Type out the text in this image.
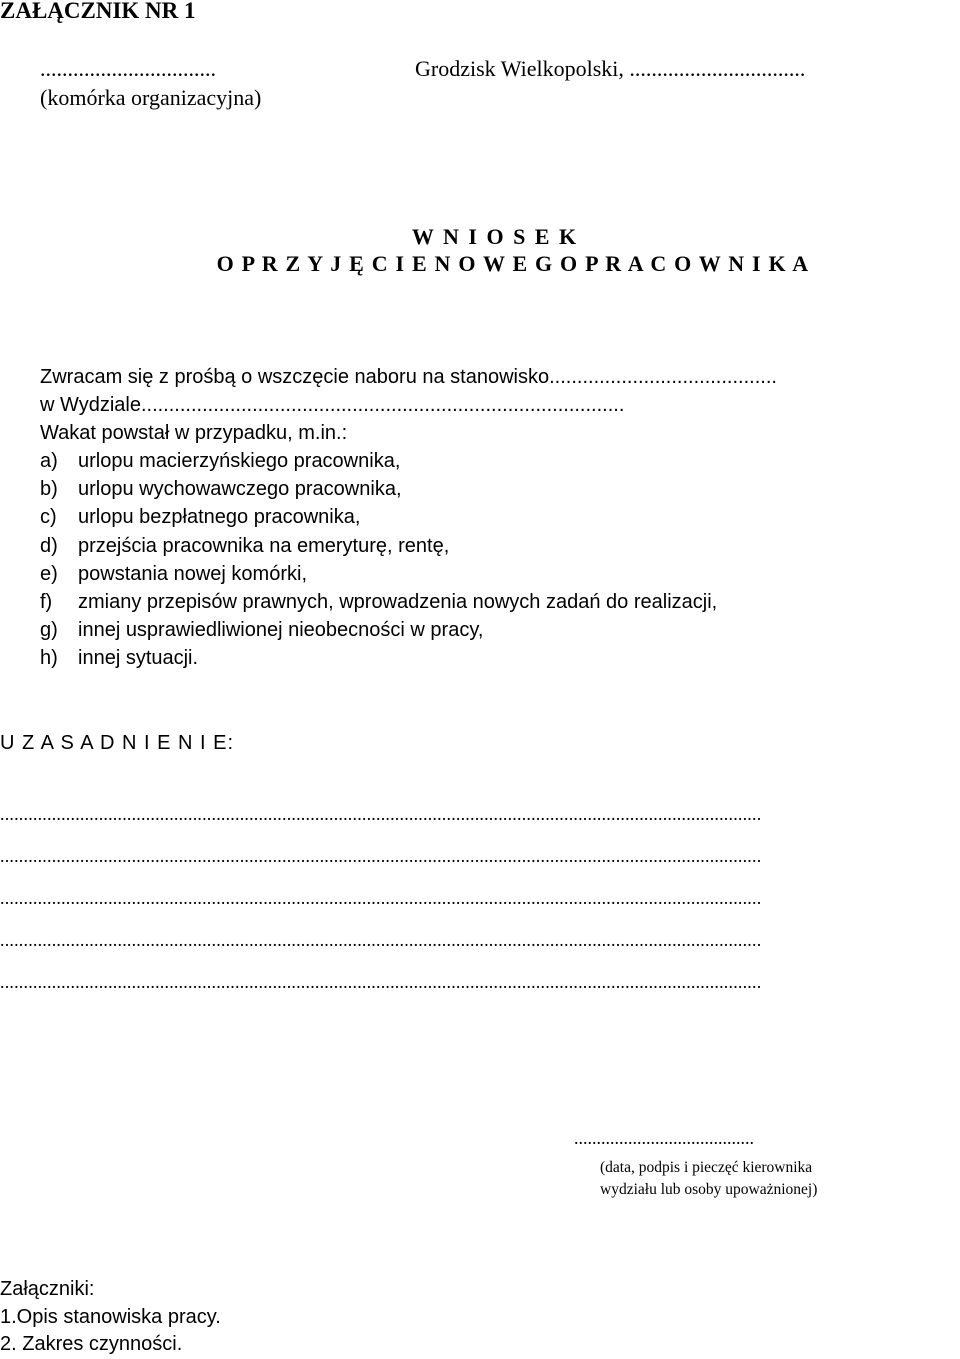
ZAŁĄCZNIK NR 1
................................
(komórka organizacyjna)
Grodzisk Wielkopolski, ................................
W N I O S E K
O P R Z Y J Ę C I E N O W E G O P R A C O W N I K A
Zwracam się z prośbą o wszczęcie naboru na stanowisko.........................................
w Wydziale.......................................................................................
Wakat powstał w przypadku, m.in.:
a) urlopu macierzyńskiego pracownika,
b) urlopu wychowawczego pracownika,
c) urlopu bezpłatnego pracownika,
d) przejścia pracownika na emeryturę, rentę,
e) powstania nowej komórki,
f) zmiany przepisów prawnych, wprowadzenia nowych zadań do realizacji,
g) innej usprawiedliwionej nieobecności w pracy,
h) innej sytuacji.
U Z A S A D N I E N I E:
..................................................................................................................................................................
..................................................................................................................................................................
..................................................................................................................................................................
..................................................................................................................................................................
..................................................................................................................................................................
........................................
(data, podpis i pieczęć kierownika
wydziału lub osoby upoważnionej)
Załączniki:
1.Opis stanowiska pracy.
2. Zakres czynności.
